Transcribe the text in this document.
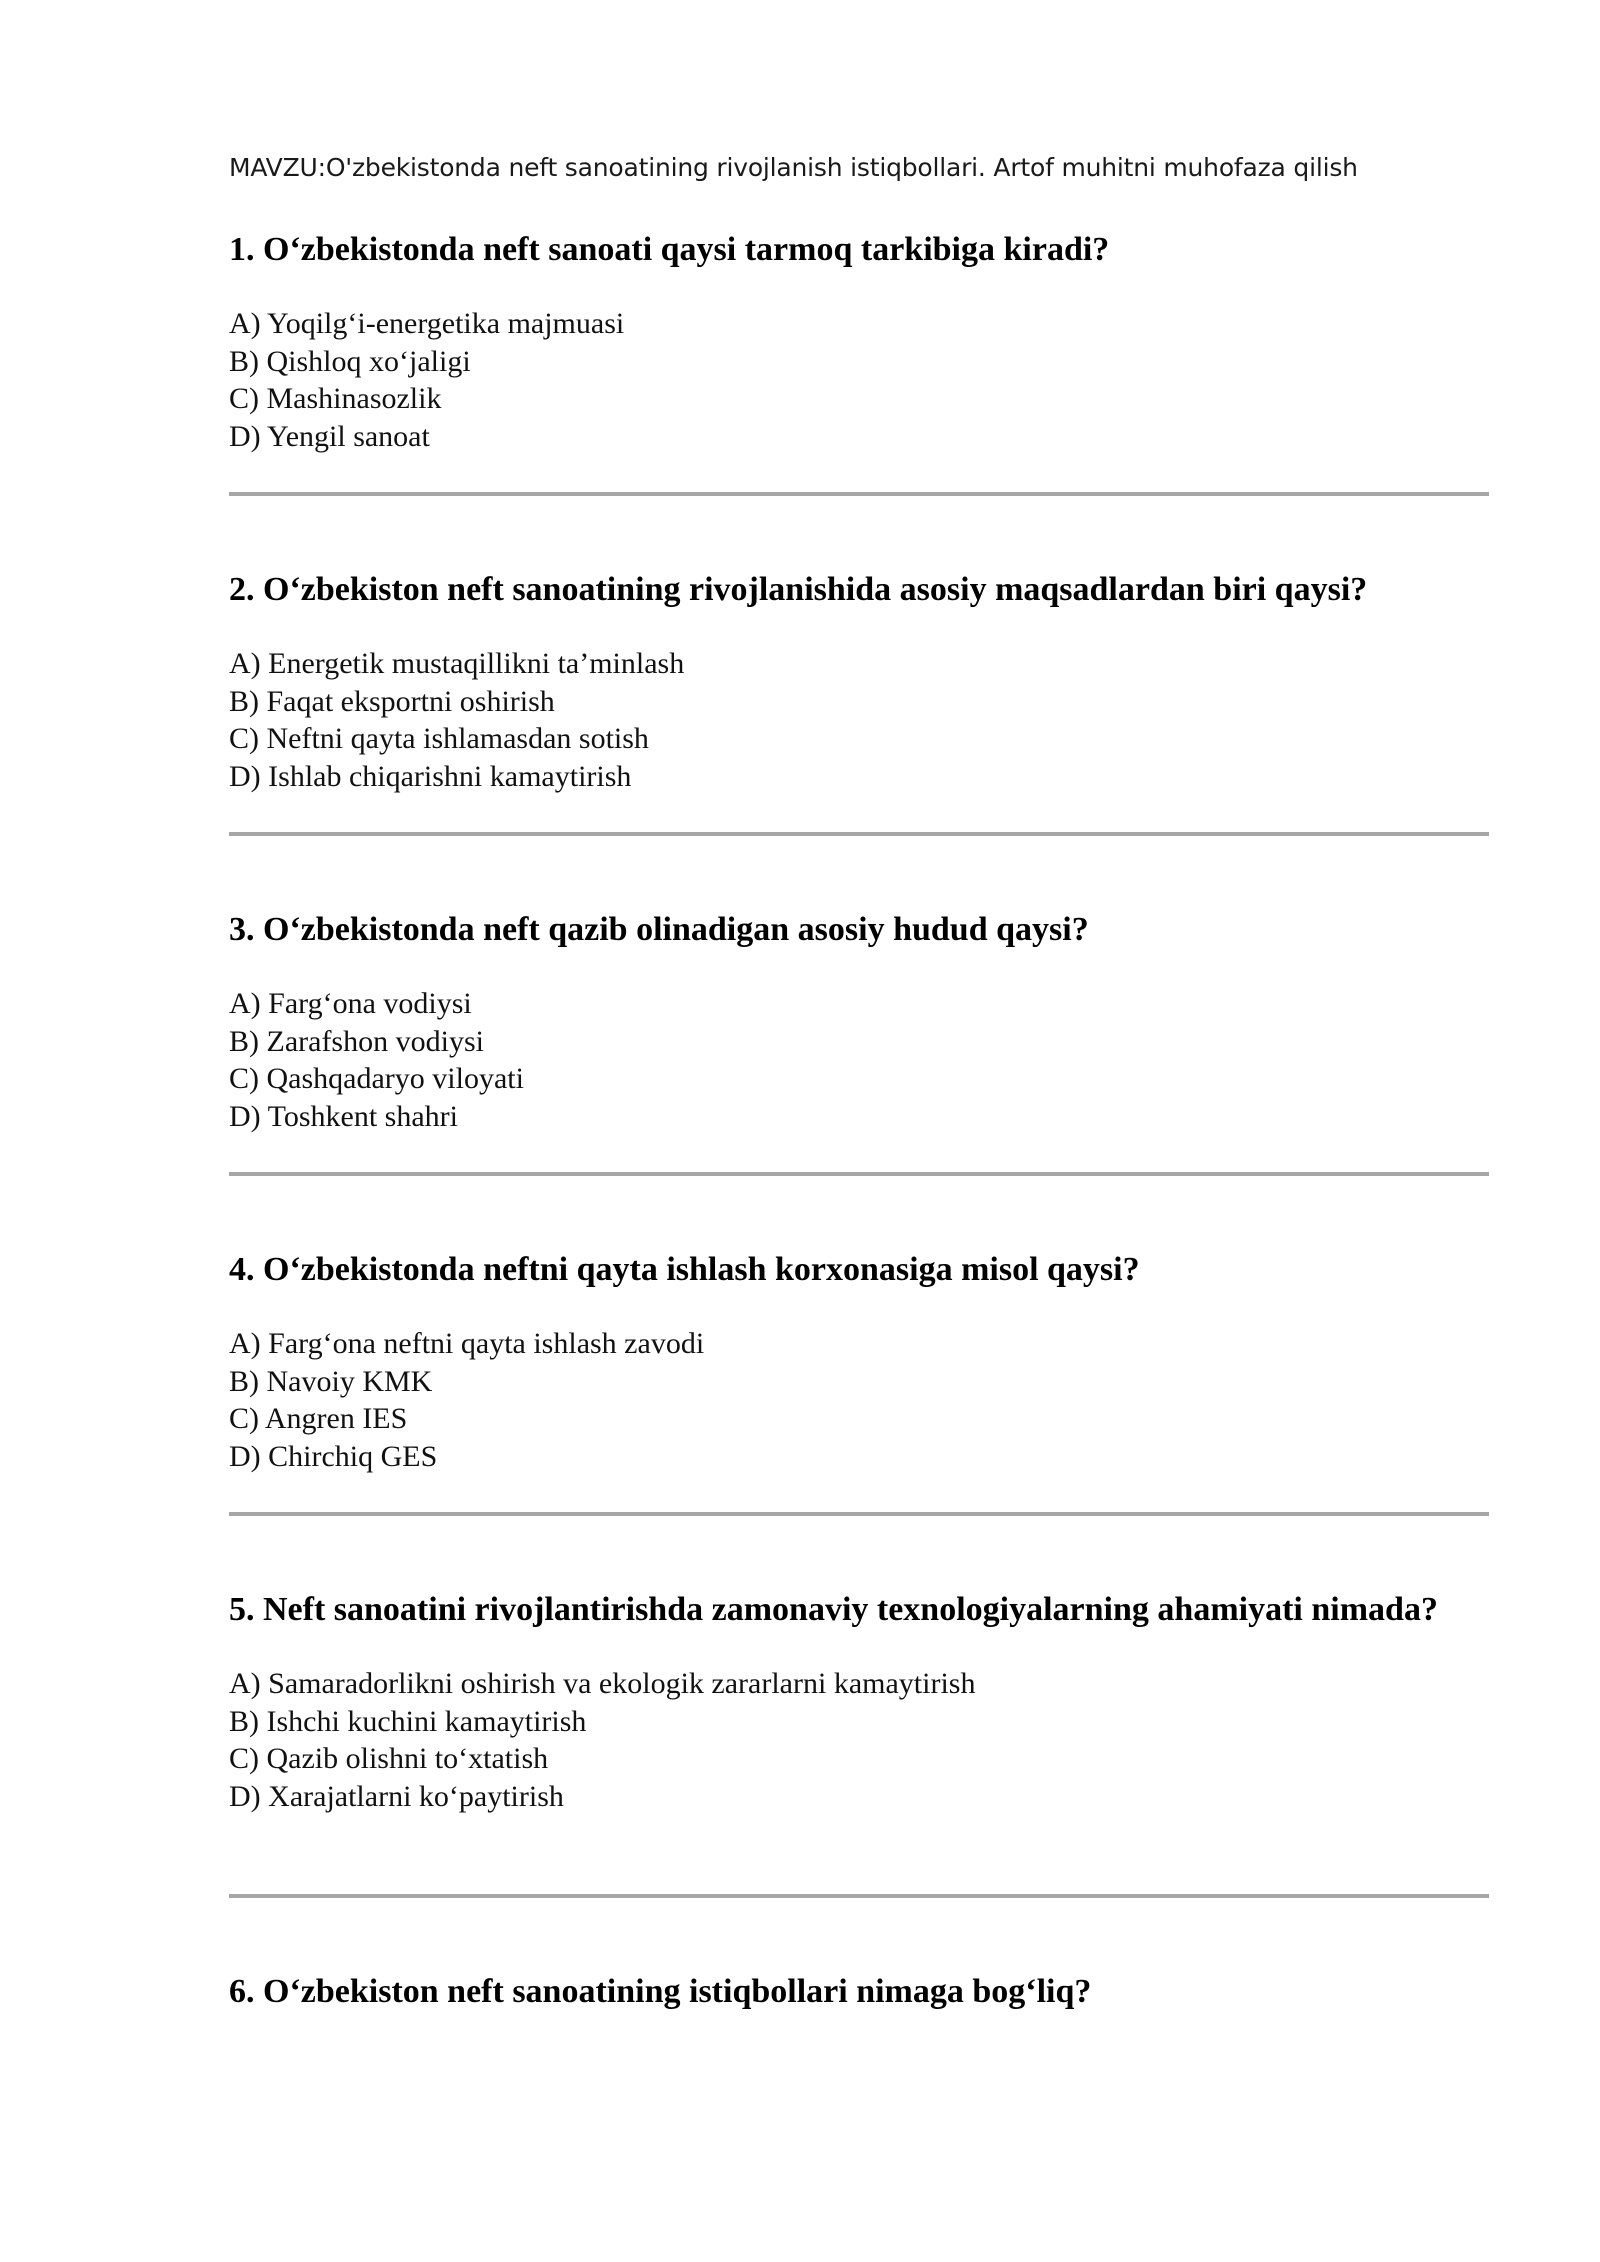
MAVZU:O'zbekistonda neft sanoatining rivojlanish istiqbollari. Artof muhitni muhofaza qilish
1. O‘zbekistonda neft sanoati qaysi tarmoq tarkibiga kiradi?
A) Yoqilg‘i-energetika majmuasi
B) Qishloq xo‘jaligi
C) Mashinasozlik
D) Yengil sanoat
2. O‘zbekiston neft sanoatining rivojlanishida asosiy maqsadlardan biri qaysi?
A) Energetik mustaqillikni ta’minlash
B) Faqat eksportni oshirish
C) Neftni qayta ishlamasdan sotish
D) Ishlab chiqarishni kamaytirish
3. O‘zbekistonda neft qazib olinadigan asosiy hudud qaysi?
A) Farg‘ona vodiysi
B) Zarafshon vodiysi
C) Qashqadaryo viloyati
D) Toshkent shahri
4. O‘zbekistonda neftni qayta ishlash korxonasiga misol qaysi?
A) Farg‘ona neftni qayta ishlash zavodi
B) Navoiy KMK
C) Angren IES
D) Chirchiq GES
5. Neft sanoatini rivojlantirishda zamonaviy texnologiyalarning ahamiyati nimada?
A) Samaradorlikni oshirish va ekologik zararlarni kamaytirish
B) Ishchi kuchini kamaytirish
C) Qazib olishni to‘xtatish
D) Xarajatlarni ko‘paytirish
6. O‘zbekiston neft sanoatining istiqbollari nimaga bog‘liq?
